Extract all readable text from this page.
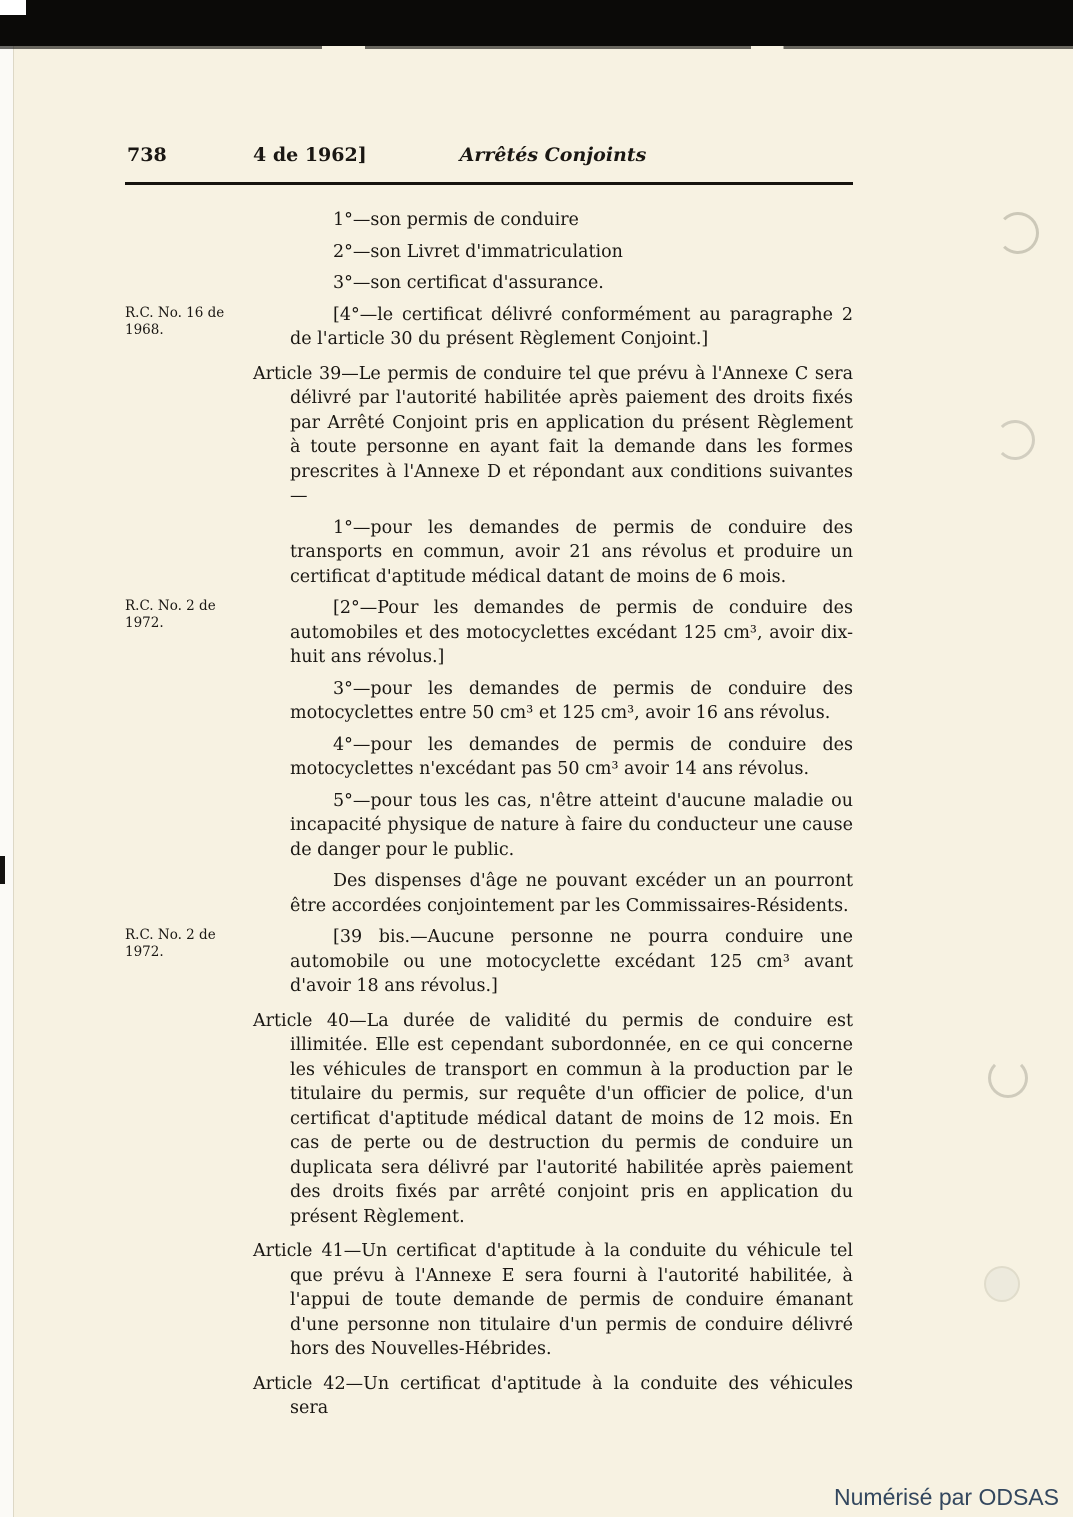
738	4 de 1962]	Arrêtés Conjoints

1°—son permis de conduire

2°—son Livret d'immatriculation

3°—son certificat d'assurance.

R.C. No. 16 de 1968.

[4°—le certificat délivré conformément au paragraphe 2 de l'article 30 du présent Règlement Conjoint.]

Article 39—Le permis de conduire tel que prévu à l'Annexe C sera délivré par l'autorité habilitée après paiement des droits fixés par Arrêté Conjoint pris en application du présent Règlement à toute personne en ayant fait la demande dans les formes prescrites à l'Annexe D et répondant aux conditions suivantes—

1°—pour les demandes de permis de conduire des transports en commun, avoir 21 ans révolus et produire un certificat d'aptitude médical datant de moins de 6 mois.

R.C. No. 2 de 1972.

[2°—Pour les demandes de permis de conduire des automobiles et des motocyclettes excédant 125 cm³, avoir dix-huit ans révolus.]

3°—pour les demandes de permis de conduire des motocyclettes entre 50 cm³ et 125 cm³, avoir 16 ans révolus.

4°—pour les demandes de permis de conduire des motocyclettes n'excédant pas 50 cm³ avoir 14 ans révolus.

5°—pour tous les cas, n'être atteint d'aucune maladie ou incapacité physique de nature à faire du conducteur une cause de danger pour le public.

Des dispenses d'âge ne pouvant excéder un an pourront être accordées conjointement par les Commissaires-Résidents.

R.C. No. 2 de 1972.

[39 bis.—Aucune personne ne pourra conduire une automobile ou une motocyclette excédant 125 cm³ avant d'avoir 18 ans révolus.]

Article 40—La durée de validité du permis de conduire est illimitée. Elle est cependant subordonnée, en ce qui concerne les véhicules de transport en commun à la production par le titulaire du permis, sur requête d'un officier de police, d'un certificat d'aptitude médical datant de moins de 12 mois. En cas de perte ou de destruction du permis de conduire un duplicata sera délivré par l'autorité habilitée après paiement des droits fixés par arrêté conjoint pris en application du présent Règlement.

Article 41—Un certificat d'aptitude à la conduite du véhicule tel que prévu à l'Annexe E sera fourni à l'autorité habilitée, à l'appui de toute demande de permis de conduire émanant d'une personne non titulaire d'un permis de conduire délivré hors des Nouvelles-Hébrides.

Article 42—Un certificat d'aptitude à la conduite des véhicules sera

Numérisé par ODSAS
